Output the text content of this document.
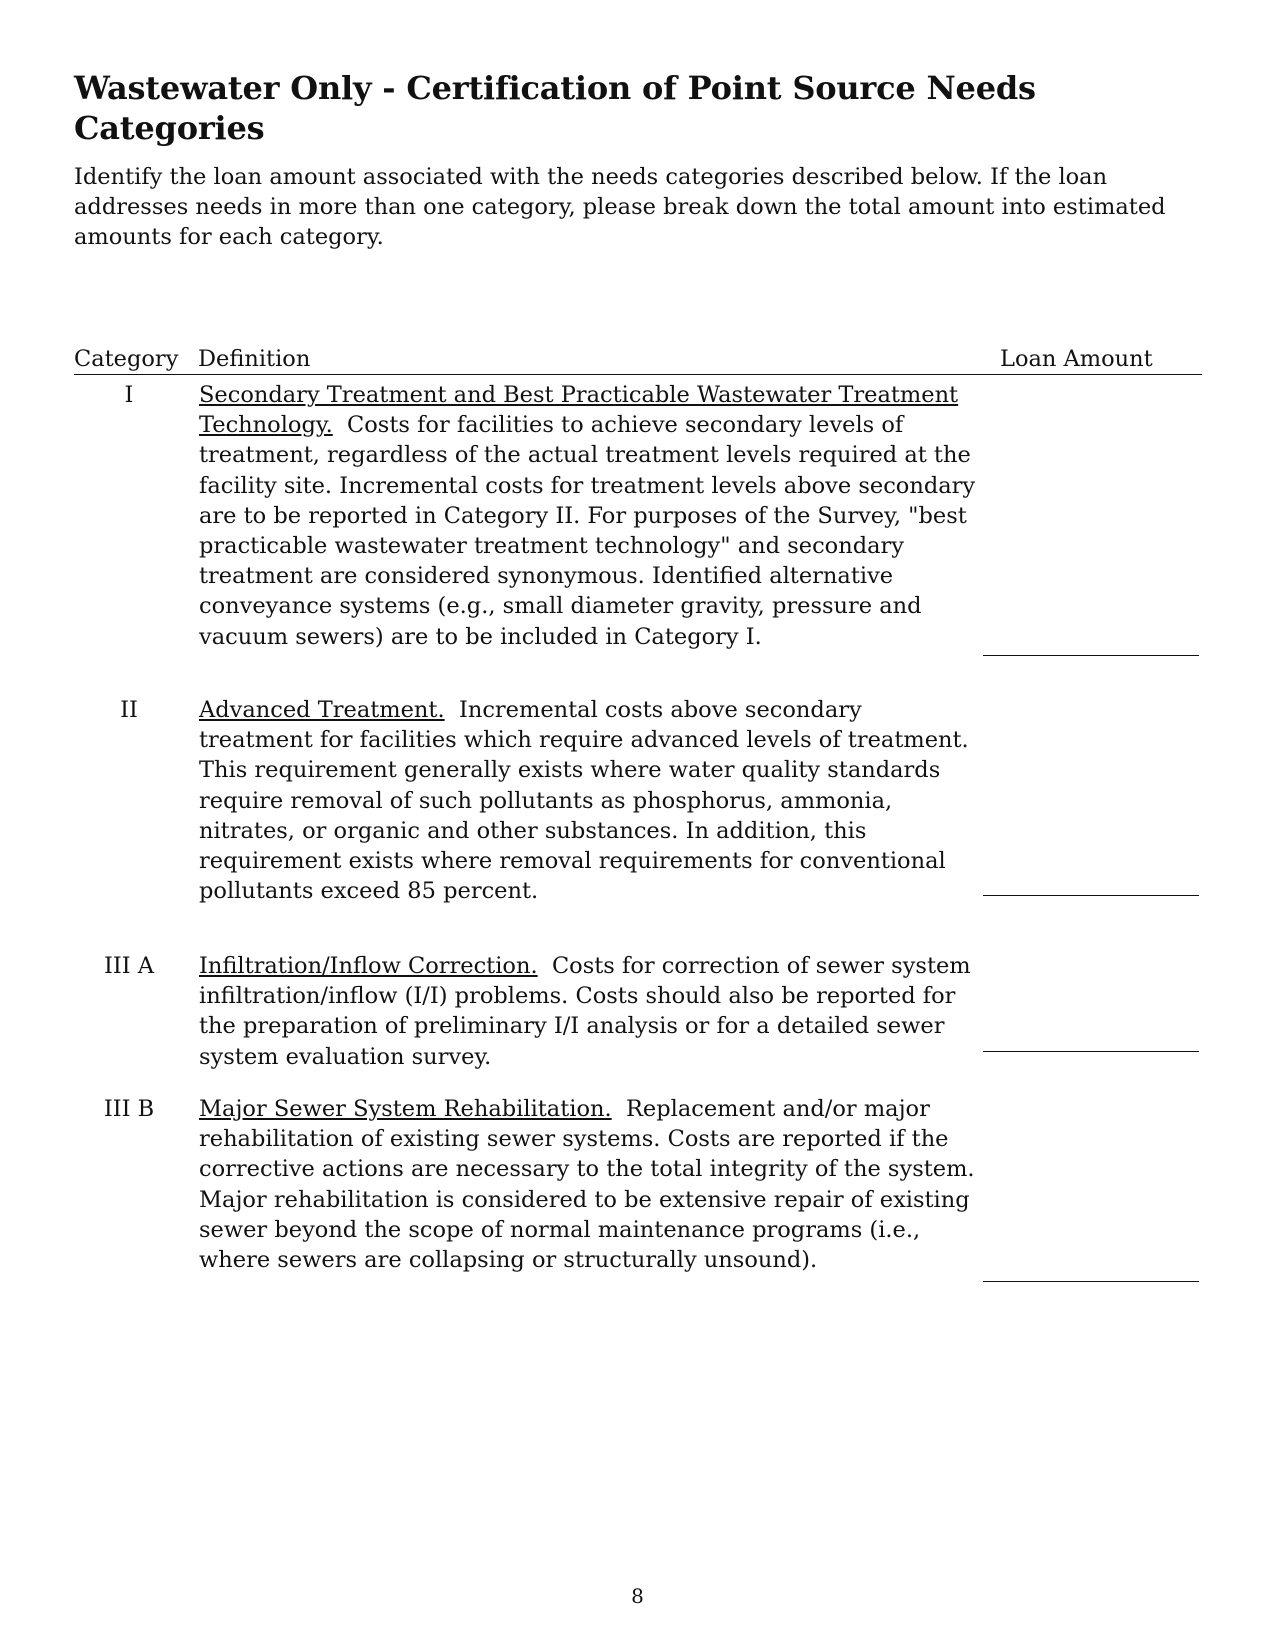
Wastewater Only - Certification of Point Source Needs Categories

Identify the loan amount associated with the needs categories described below. If the loan addresses needs in more than one category, please break down the total amount into estimated amounts for each category.

Category Definition	Loan Amount
I	Secondary Treatment and Best Practicable Wastewater Treatment Technology. Costs for facilities to achieve secondary levels of treatment, regardless of the actual treatment levels required at the facility site. Incremental costs for treatment levels above secondary are to be reported in Category II. For purposes of the Survey, "best practicable wastewater treatment technology" and secondary treatment are considered synonymous. Identified alternative conveyance systems (e.g., small diameter gravity, pressure and vacuum sewers) are to be included in Category I.

II	Advanced Treatment. Incremental costs above secondary treatment for facilities which require advanced levels of treatment. This requirement generally exists where water quality standards require removal of such pollutants as phosphorus, ammonia, nitrates, or organic and other substances. In addition, this requirement exists where removal requirements for conventional pollutants exceed 85 percent.

III A	Infiltration/Inflow Correction. Costs for correction of sewer system infiltration/inflow (I/I) problems. Costs should also be reported for the preparation of preliminary I/I analysis or for a detailed sewer system evaluation survey.

III B	Major Sewer System Rehabilitation. Replacement and/or major rehabilitation of existing sewer systems. Costs are reported if the corrective actions are necessary to the total integrity of the system. Major rehabilitation is considered to be extensive repair of existing sewer beyond the scope of normal maintenance programs (i.e., where sewers are collapsing or structurally unsound).

8
